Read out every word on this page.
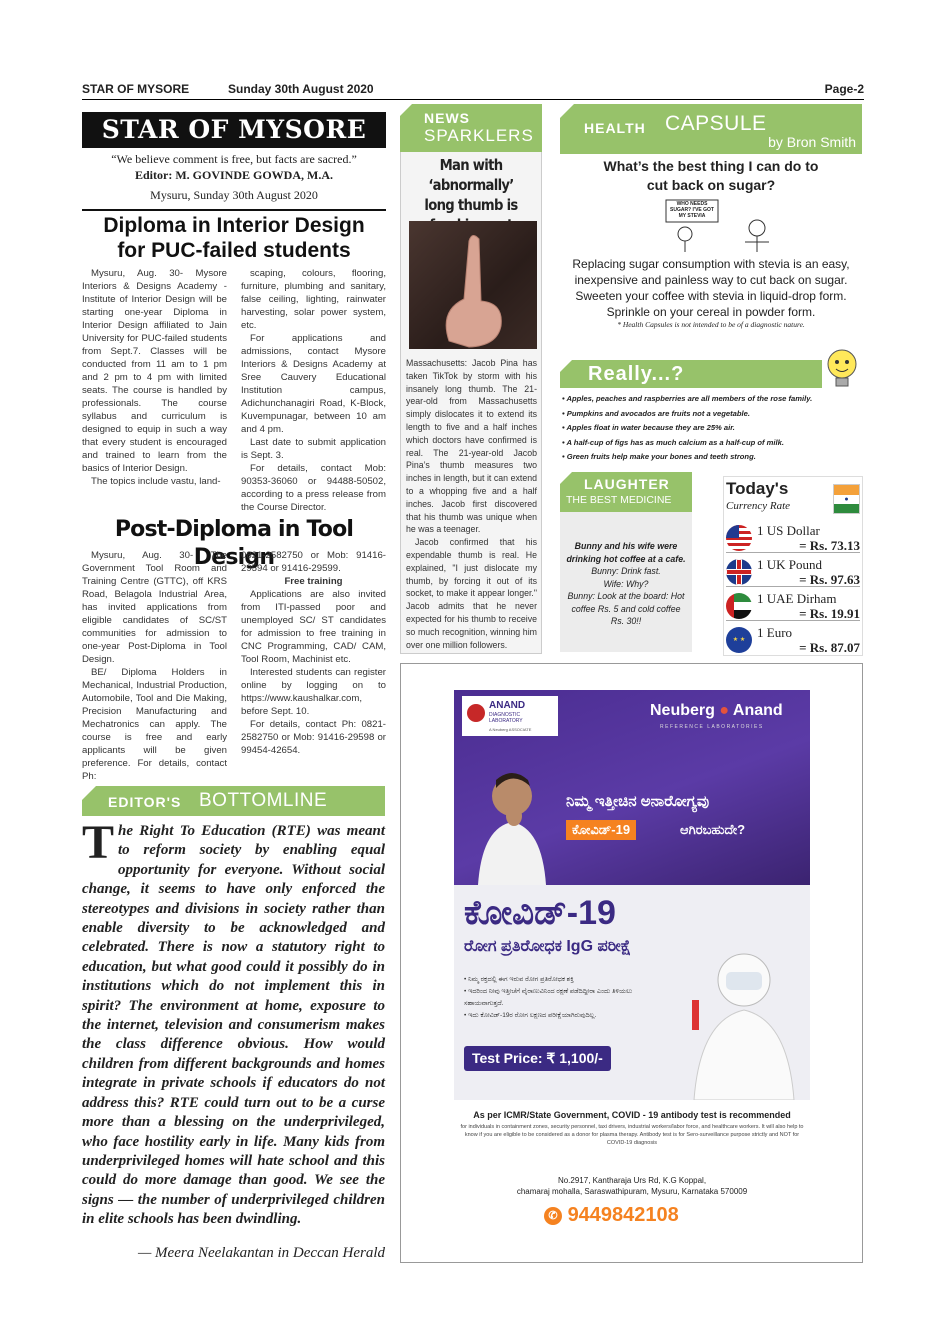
STAR OF MYSORE	Sunday 30th August 2020	Page-2
STAR OF MYSORE
“We believe comment is free, but facts are sacred.”
Editor: M. GOVINDE GOWDA, M.A.
Mysuru, Sunday 30th August 2020
Diploma in Interior Design
for PUC-failed students

Mysuru, Aug. 30- Mysore Interiors & Designs Academy - Institute of Interior Design will be starting one-year Diploma in Interior Design affiliated to Jain University for PUC-failed students from Sept.7. Classes will be conducted from 11 am to 1 pm and 2 pm to 4 pm with limited seats. The course is handled by professionals. The course syllabus and curriculum is designed to equip in such a way that every student is encouraged and trained to learn from the basics of Interior Design.

The topics include vastu, land-

scaping, colours, flooring, furniture, plumbing and sanitary, false ceiling, lighting, rainwater harvesting, solar power system, etc.

For applications and admissions, contact Mysore Interiors & Designs Academy at Sree Cauvery Educational Institution campus, Adichunchanagiri Road, K-Block, Kuvempunagar, between 10 am and 4 pm.

Last date to submit application is Sept. 3.

For details, contact Mob: 90353-36060 or 94488-50502, according to a press release from the Course Director.

Post-Diploma in Tool Design

Mysuru, Aug. 30- The Government Tool Room and Training Centre (GTTC), off KRS Road, Belagola Industrial Area, has invited applications from eligible candidates of SC/ST communities for admission to one-year Post-Diploma in Tool Design.

BE/ Diploma Holders in Mechanical, Industrial Production, Automobile, Tool and Die Making, Precision Manufacturing and Mechatronics can apply. The course is free and early applicants will be given preference. For details, contact Ph:

0821-2582750 or Mob: 91416-29594 or 91416-29599.
Free training

Applications are also invited from ITI-passed poor and unemployed SC/ ST candidates for admission to free training in CNC Programming, CAD/ CAM, Tool Room, Machinist etc.

Interested students can register online by logging on to https://www.kaushalkar.com, before Sept. 10.

For details, contact Ph: 0821-2582750 or Mob: 91416-29598 or 99454-42654.

EDITOR'S BOTTOMLINE
The Right To Education (RTE) was meant to reform society by enabling equal opportunity for everyone. Without social change, it seems to have only enforced the stereotypes and divisions in society rather than enable diversity to be acknowledged and celebrated. There is now a statutory right to education, but what good could it possibly do in institutions which do not implement this in spirit? The environment at home, exposure to the internet, television and consumerism makes the class difference obvious. How would children from different backgrounds and homes integrate in private schools if educators do not address this? RTE could turn out to be a curse more than a blessing on the underprivileged, who face hostility early in life. Many kids from underprivileged homes will hate school and this could do more damage than good. We see the signs — the number of underprivileged children in elite schools has been dwindling.
— Meera Neelakantan in Deccan Herald
NEWS
SPARKLERS
Man with ‘abnormally’ long thumb is

Massachusetts: Jacob Pina has taken TikTok by storm with his insanely long thumb. The 21-year-old from Massachusetts simply dislocates it to extend its length to five and a half inches which doctors have confirmed is real. The 21-year-old Jacob Pina’s thumb measures two inches in length, but it can extend to a whopping five and a half inches. Jacob first discovered that his thumb was unique when he was a teenager.

Jacob confirmed that his expendable thumb is real. He explained, "I just dislocate my thumb, by forcing it out of its socket, to make it appear longer." Jacob admits that he never expected for his thumb to receive so much recognition, winning him over one million followers.

HEALTH CAPSULE
by Bron Smith
What’s the best thing I can do to cut back on sugar?
WHO NEEDS SUGAR? I'VE GOT MY STEVIA
Replacing sugar consumption with stevia is an easy, inexpensive and painless way to cut back on sugar. Sweeten your coffee with stevia in liquid-drop form. Sprinkle on your cereal in powder form.
* Health Capsules is not intended to be of a diagnostic nature.
Really...?
• Apples, peaches and raspberries are all members of the rose family.
• Pumpkins and avocados are fruits not a vegetable.
• Apples float in water because they are 25% air.
• A half-cup of figs has as much calcium as a half-cup of milk.
• Green fruits help make your bones and teeth strong.
LAUGHTER
THE BEST MEDICINE
Bunny and his wife were drinking hot coffee at a cafe.
Bunny: Drink fast.
Wife: Why?
Bunny: Look at the board: Hot coffee Rs. 5 and cold coffee Rs. 30!!
Today's
Currency Rate
●
1 US Dollar
= Rs. 73.13
1 UK Pound
= Rs. 97.63
1 UAE Dirham
= Rs. 19.91
★ ★ 1 Euro
= Rs. 87.07
ANAND
DIAGNOSTIC
LABORATORY
A Neuberg ASSOCIATE
Neuberg ● Anand
REFERENCE LABORATORIES
ನಿಮ್ಮ ಇತ್ತೀಚಿನ ಅನಾರೋಗ್ಯವು
ಕೋವಿಡ್-19	ಆಗಿರಬಹುದೇ?
ಕೋವಿಡ್-19
ರೋಗ ಪ್ರತಿರೋಧಕ IgG ಪರೀಕ್ಷೆ
• ನಿಮ್ಮ ರಕ್ತದಲ್ಲಿ ಈಗ ಇರುವ ರೋಗ ಪ್ರತಿರೋಧಕ ಶಕ್ತಿ
• ಇದರಿಂದ ನೀವು ಇತ್ತೀಚೆಗೆ ವೈರಾಣುವಿನಿಂದ ರಕ್ಷಣೆ ಪಡೆದಿದ್ದೀರಾ ಎಂದು ತಿಳಿಯಲು ಸಹಾಯವಾಗುತ್ತದೆ.
• ಇದು ಕೋವಿಡ್-19ರ ರೋಗ ಲಕ್ಷಣದ ಪರೀಕ್ಷೆಯಾಗಿರುವುದಿಲ್ಲ.
Test Price: ₹ 1,100/-
As per ICMR/State Government, COVID - 19 antibody test is recommended
for individuals in containment zones, security personnel, taxi drivers, industrial workers/labor force, and healthcare workers. It will also help to know if you are eligible to be considered as a donor for plasma therapy. Antibody test is for Sero-surveillance purpose strictly and NOT for COVID-19 diagnosis
No.2917, Kantharaja Urs Rd, K.G Koppal,
chamaraj mohalla, Saraswathipuram, Mysuru, Karnataka 570009
✆ 9449842108
